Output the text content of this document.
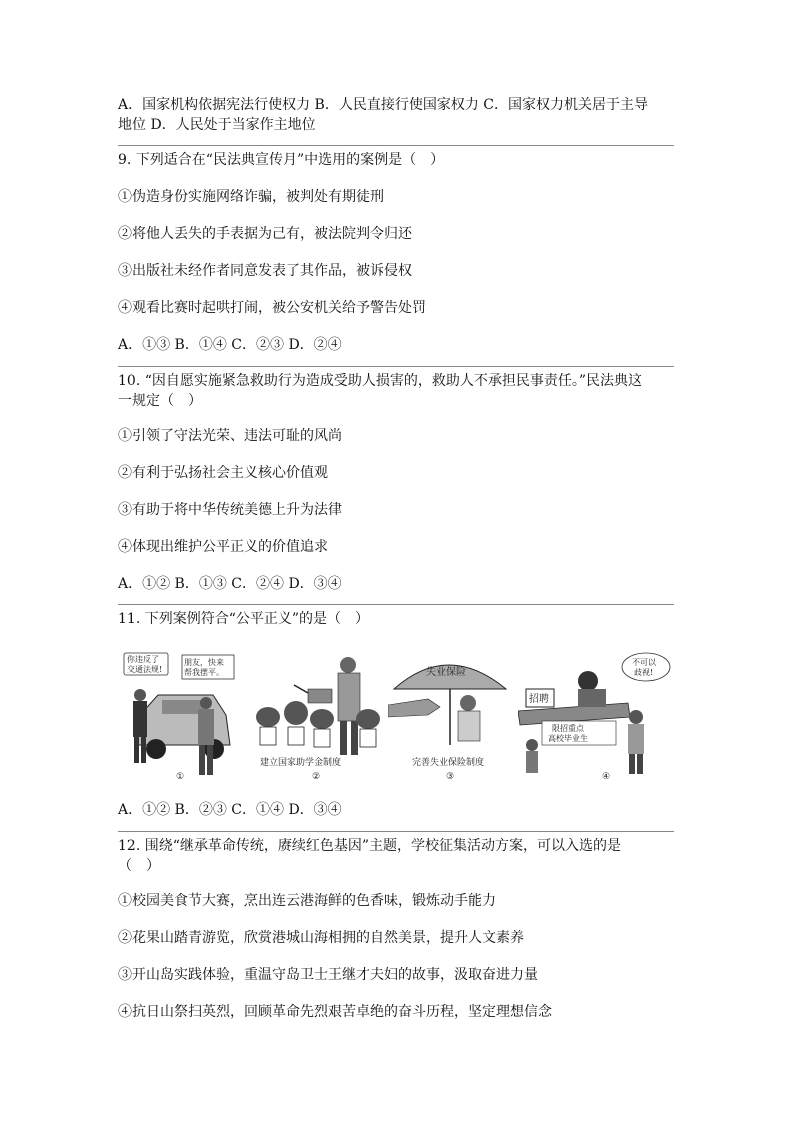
A．国家机构依据宪法行使权力 B．人民直接行使国家权力 C．国家权力机关居于主导
地位 D．人民处于当家作主地位
9. 下列适合在“民法典宣传月”中选用的案例是（　）
①伪造身份实施网络诈骗，被判处有期徒刑
②将他人丢失的手表据为己有，被法院判令归还
③出版社未经作者同意发表了其作品，被诉侵权
④观看比赛时起哄打闹，被公安机关给予警告处罚
A．①③ B．①④ C．②③ D．②④
10. “因自愿实施紧急救助行为造成受助人损害的，救助人不承担民事责任。”民法典这
一规定（　）
①引领了守法光荣、违法可耻的风尚
②有利于弘扬社会主义核心价值观
③有助于将中华传统美德上升为法律
④体现出维护公平正义的价值追求
A．①② B．①③ C．②④ D．③④
11. 下列案例符合“公平正义”的是（　）
你违反了
交通法规!
朋友，快来
帮我摆平。
①
建立国家助学金制度
②
失业保险
完善失业保险制度
③
招聘
不可以
歧视!
限招重点
高校毕业生
④
A．①② B．②③ C．①④ D．③④
12. 围绕“继承革命传统，赓续红色基因”主题，学校征集活动方案，可以入选的是
（　）
①校园美食节大赛，烹出连云港海鲜的色香味，锻炼动手能力
②花果山踏青游览，欣赏港城山海相拥的自然美景，提升人文素养
③开山岛实践体验，重温守岛卫士王继才夫妇的故事，汲取奋进力量
④抗日山祭扫英烈，回顾革命先烈艰苦卓绝的奋斗历程，坚定理想信念
